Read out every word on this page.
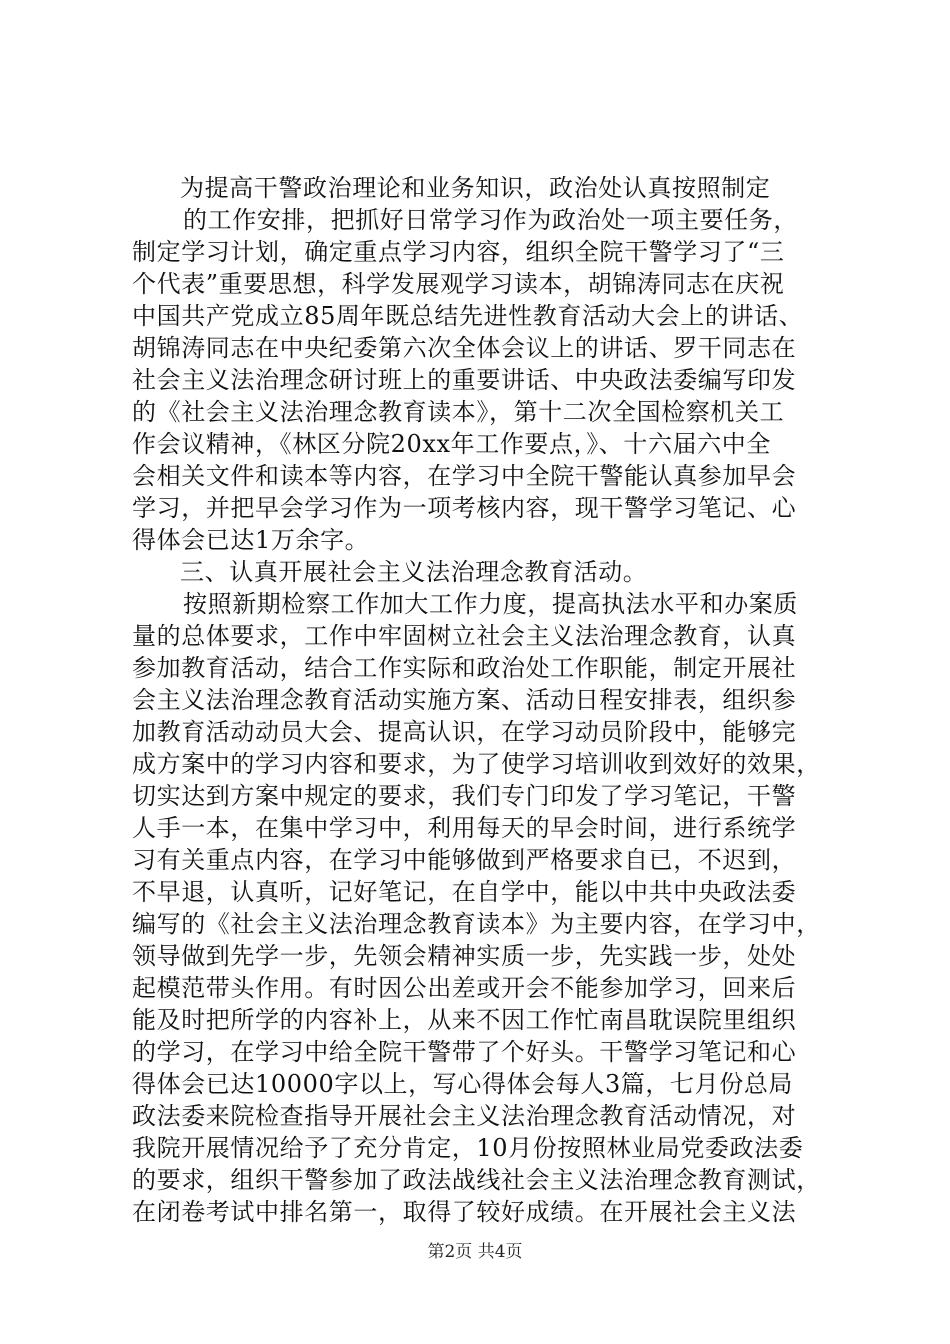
为提高干警政治理论和业务知识，政治处认真按照制定
的工作安排，把抓好日常学习作为政治处一项主要任务，
制定学习计划，确定重点学习内容，组织全院干警学习了“三
个代表”重要思想，科学发展观学习读本，胡锦涛同志在庆祝
中国共产党成立85周年既总结先进性教育活动大会上的讲话、
胡锦涛同志在中央纪委第六次全体会议上的讲话、罗干同志在
社会主义法治理念研讨班上的重要讲话、中央政法委编写印发
的《社会主义法治理念教育读本》，第十二次全国检察机关工
作会议精神，《林区分院20xx年工作要点，》、十六届六中全
会相关文件和读本等内容，在学习中全院干警能认真参加早会
学习，并把早会学习作为一项考核内容，现干警学习笔记、心
得体会已达1万余字。
三、认真开展社会主义法治理念教育活动。
按照新期检察工作加大工作力度，提高执法水平和办案质
量的总体要求，工作中牢固树立社会主义法治理念教育，认真
参加教育活动，结合工作实际和政治处工作职能，制定开展社
会主义法治理念教育活动实施方案、活动日程安排表，组织参
加教育活动动员大会、提高认识，在学习动员阶段中，能够完
成方案中的学习内容和要求，为了使学习培训收到效好的效果，
切实达到方案中规定的要求，我们专门印发了学习笔记，干警
人手一本，在集中学习中，利用每天的早会时间，进行系统学
习有关重点内容，在学习中能够做到严格要求自已，不迟到，
不早退，认真听，记好笔记，在自学中，能以中共中央政法委
编写的《社会主义法治理念教育读本》为主要内容，在学习中，
领导做到先学一步，先领会精神实质一步，先实践一步，处处
起模范带头作用。有时因公出差或开会不能参加学习，回来后
能及时把所学的内容补上，从来不因工作忙南昌耽误院里组织
的学习，在学习中给全院干警带了个好头。干警学习笔记和心
得体会已达10000字以上，写心得体会每人3篇，七月份总局
政法委来院检查指导开展社会主义法治理念教育活动情况，对
我院开展情况给予了充分肯定，10月份按照林业局党委政法委
的要求，组织干警参加了政法战线社会主义法治理念教育测试，
在闭卷考试中排名第一，取得了较好成绩。在开展社会主义法
第2页 共4页
